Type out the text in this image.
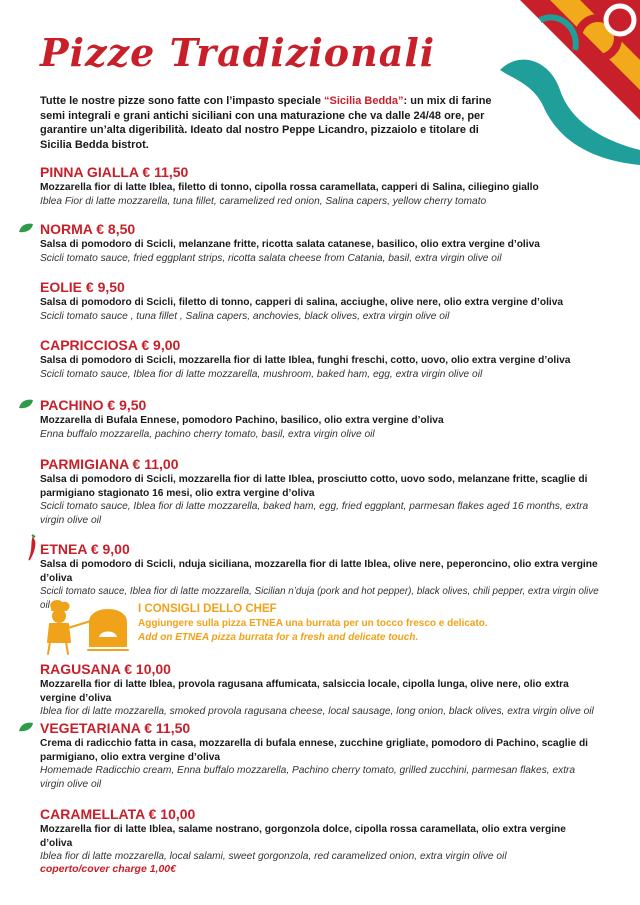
Pizze Tradizionali

Tutte le nostre pizze sono fatte con l’impasto speciale “Sicilia Bedda”: un mix di farine semi integrali e grani antichi siciliani con una maturazione che va dalle 24/48 ore, per garantire un’alta digeribilità. Ideato dal nostro Peppe Licandro, pizzaiolo e titolare di Sicilia Bedda bistrot.

PINNA GIALLA € 11,50
Mozzarella fior di latte Iblea, filetto di tonno, cipolla rossa caramellata, capperi di Salina, ciliegino giallo
Iblea Fior di latte mozzarella, tuna fillet, caramelized red onion, Salina capers, yellow cherry tomato
NORMA € 8,50
Salsa di pomodoro di Scicli, melanzane fritte, ricotta salata catanese, basilico, olio extra vergine d’oliva
Scicli tomato sauce, fried eggplant strips, ricotta salata cheese from Catania, basil, extra virgin olive oil
EOLIE € 9,50
Salsa di pomodoro di Scicli, filetto di tonno, capperi di salina, acciughe, olive nere, olio extra vergine d’oliva
Scicli tomato sauce , tuna fillet , Salina capers, anchovies, black olives, extra virgin olive oil
CAPRICCIOSA € 9,00
Salsa di pomodoro di Scicli, mozzarella fior di latte Iblea, funghi freschi, cotto, uovo, olio extra vergine d’oliva
Scicli tomato sauce, Iblea fior di latte mozzarella, mushroom, baked ham, egg, extra virgin olive oil
PACHINO € 9,50
Mozzarella di Bufala Ennese, pomodoro Pachino, basilico, olio extra vergine d’oliva
Enna buffalo mozzarella, pachino cherry tomato, basil, extra virgin olive oil
PARMIGIANA € 11,00
Salsa di pomodoro di Scicli, mozzarella fior di latte Iblea, prosciutto cotto, uovo sodo, melanzane fritte, scaglie di parmigiano stagionato 16 mesi, olio extra vergine d’oliva
Scicli tomato sauce, Iblea fior di latte mozzarella, baked ham, egg, fried eggplant, parmesan flakes aged 16 months, extra virgin olive oil
ETNEA € 9,00
Salsa di pomodoro di Scicli, nduja siciliana, mozzarella fior di latte Iblea, olive nere, peperoncino, olio extra vergine d’oliva
Scicli tomato sauce, Iblea fior di latte mozzarella, Sicilian n’duja (pork and hot pepper), black olives, chili pepper, extra virgin olive oil	I CONSIGLI DELLO CHEF
Aggiungere sulla pizza ETNEA una burrata per un tocco fresco e delicato.
Add on ETNEA pizza burrata for a fresh and delicate touch.
RAGUSANA € 10,00
Mozzarella fior di latte Iblea, provola ragusana affumicata, salsiccia locale, cipolla lunga, olive nere, olio extra vergine d’oliva
Iblea fior di latte mozzarella, smoked provola ragusana cheese, local sausage, long onion, black olives, extra virgin olive oil
VEGETARIANA € 11,50
Crema di radicchio fatta in casa, mozzarella di bufala ennese, zucchine grigliate, pomodoro di Pachino, scaglie di parmigiano, olio extra vergine d’oliva
Homemade Radicchio cream, Enna buffalo mozzarella, Pachino cherry tomato, grilled zucchini, parmesan flakes, extra virgin olive oil
CARAMELLATA € 10,00
Mozzarella fior di latte Iblea, salame nostrano, gorgonzola dolce, cipolla rossa caramellata, olio extra vergine d’oliva
Iblea fior di latte mozzarella, local salami, sweet gorgonzola, red caramelized onion, extra virgin olive oil
coperto/cover charge 1,00€
